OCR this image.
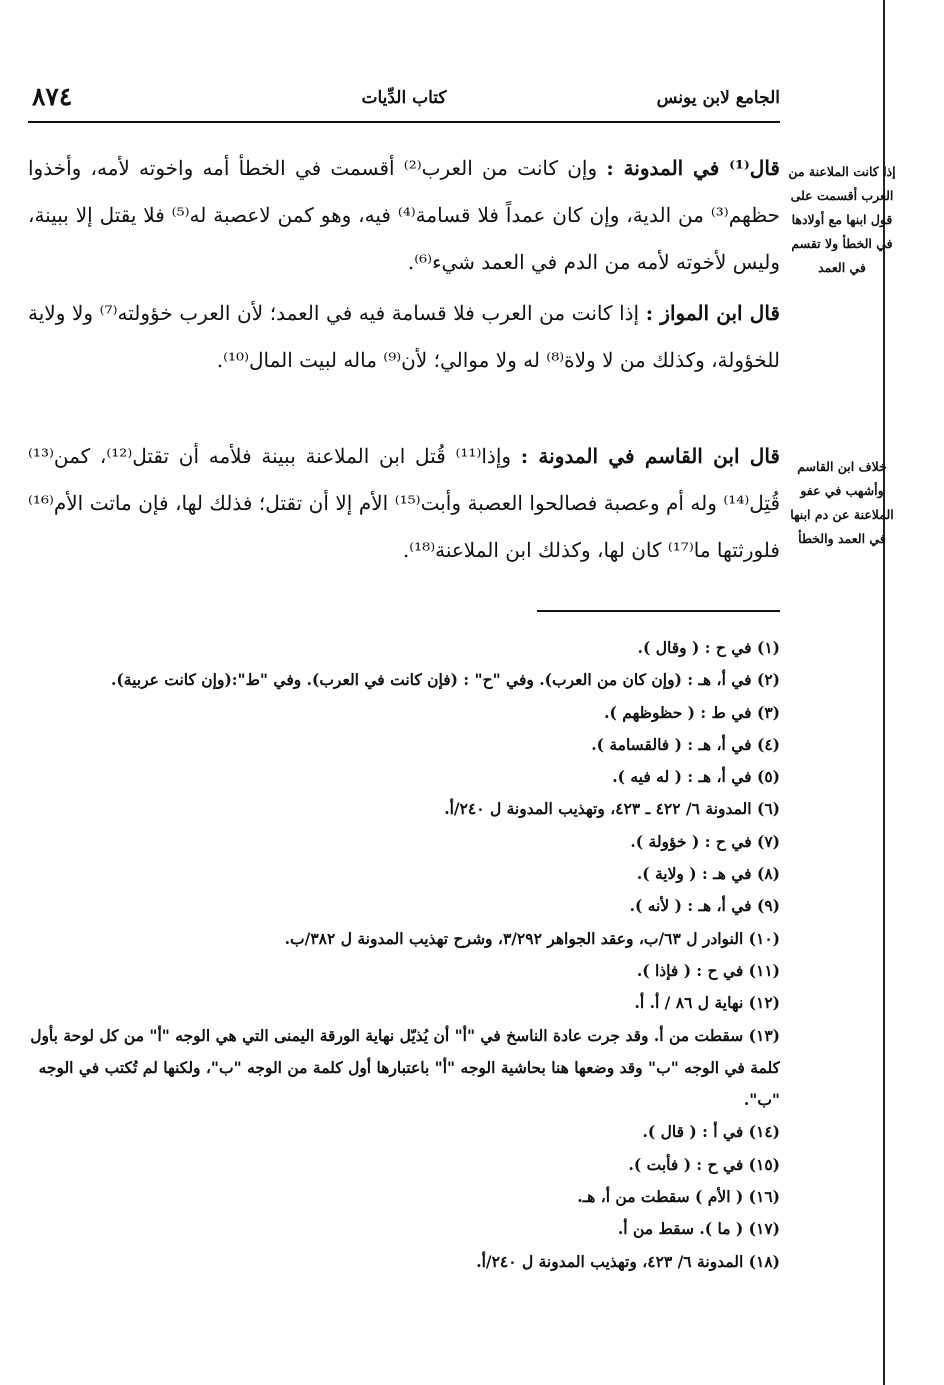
الجامع لابن يونس
كتاب الدِّيات
٨٧٤
قال⁽¹⁾ في المدونة : وإن كانت من العرب⁽²⁾ أقسمت في الخطأ أمه واخوته لأمه، وأخذوا حظهم⁽³⁾ من الدية، وإن كان عمداً فلا قسامة⁽⁴⁾ فيه، وهو كمن لاعصبة له⁽⁵⁾ فلا يقتل إلا ببينة، وليس لأخوته لأمه من الدم في العمد شيء⁽⁶⁾.
قال ابن المواز : إذا كانت من العرب فلا قسامة فيه في العمد؛ لأن العرب خؤولته⁽⁷⁾ ولا ولاية للخؤولة، وكذلك من لا ولاة⁽⁸⁾ له ولا موالي؛ لأن⁽⁹⁾ ماله لبيت المال⁽¹⁰⁾.
قال ابن القاسم في المدونة : وإذا⁽¹¹⁾ قُتل ابن الملاعنة ببينة فلأمه أن تقتل⁽¹²⁾، كمن⁽¹³⁾ قُتِل⁽¹⁴⁾ وله أم وعصبة فصالحوا العصبة وأبت⁽¹⁵⁾ الأم إلا أن تقتل؛ فذلك لها، فإن ماتت الأم⁽¹⁶⁾ فلورثتها ما⁽¹⁷⁾ كان لها، وكذلك ابن الملاعنة⁽¹⁸⁾.
إذا كانت الملاعنة من العرب أقسمت على قول ابنها مع أولادها في الخطأ ولا تقسم في العمد
خلاف ابن القاسم وأشهب في عفو الملاعنة عن دم ابنها في العمد والخطأ
(١) في ح : ( وقال ).
(٢) في أ، هـ : (وإن كان من العرب). وفي "ح" : (فإن كانت في العرب). وفي "ط":(وإن كانت عربية).
(٣) في ط : ( حظوظهم ).
(٤) في أ، هـ : ( فالقسامة ).
(٥) في أ، هـ : ( له فيه ).
(٦) المدونة ٦/ ٤٢٢ ـ ٤٢٣، وتهذيب المدونة ل ٢٤٠/أ.
(٧) في ح : ( خؤولة ).
(٨) في هـ : ( ولاية ).
(٩) في أ، هـ : ( لأنه ).
(١٠) النوادر ل ٦٣/ب، وعقد الجواهر ٣/٢٩٢، وشرح تهذيب المدونة ل ٣٨٢/ب.
(١١) في ح : ( فإذا ).
(١٢) نهاية ل ٨٦ / أ. أ.
(١٣) سقطت من أ. وقد جرت عادة الناسخ في "أ" أن يُذيّل نهاية الورقة اليمنى التي هي الوجه "أ" من كل لوحة بأول كلمة في الوجه "ب" وقد وضعها هنا بحاشية الوجه "أ" باعتبارها أول كلمة من الوجه "ب"، ولكنها لم تُكتب في الوجه "ب".
(١٤) في أ : ( قال ).
(١٥) في ح : ( فأبت ).
(١٦) ( الأم ) سقطت من أ، هـ.
(١٧) ( ما ). سقط من أ.
(١٨) المدونة ٦/ ٤٢٣، وتهذيب المدونة ل ٢٤٠/أ.
